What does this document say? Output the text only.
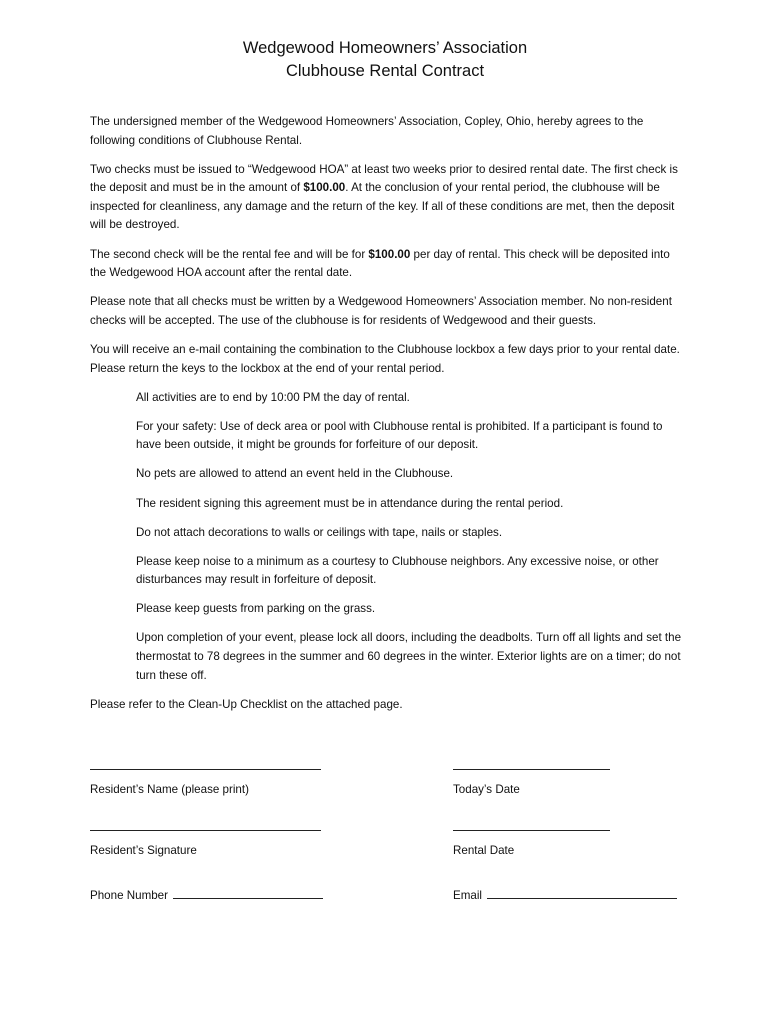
Wedgewood Homeowners’ Association
Clubhouse Rental Contract

The undersigned member of the Wedgewood Homeowners’ Association, Copley, Ohio, hereby agrees to the following conditions of Clubhouse Rental.

Two checks must be issued to “Wedgewood HOA” at least two weeks prior to desired rental date. The first check is the deposit and must be in the amount of $100.00. At the conclusion of your rental period, the clubhouse will be inspected for cleanliness, any damage and the return of the key. If all of these conditions are met, then the deposit will be destroyed.

The second check will be the rental fee and will be for $100.00 per day of rental. This check will be deposited into the Wedgewood HOA account after the rental date.

Please note that all checks must be written by a Wedgewood Homeowners’ Association member. No non-resident checks will be accepted. The use of the clubhouse is for residents of Wedgewood and their guests.

You will receive an e-mail containing the combination to the Clubhouse lockbox a few days prior to your rental date. Please return the keys to the lockbox at the end of your rental period.

All activities are to end by 10:00 PM the day of rental.

For your safety: Use of deck area or pool with Clubhouse rental is prohibited. If a participant is found to have been outside, it might be grounds for forfeiture of our deposit.

No pets are allowed to attend an event held in the Clubhouse.

The resident signing this agreement must be in attendance during the rental period.

Do not attach decorations to walls or ceilings with tape, nails or staples.

Please keep noise to a minimum as a courtesy to Clubhouse neighbors. Any excessive noise, or other disturbances may result in forfeiture of deposit.

Please keep guests from parking on the grass.

Upon completion of your event, please lock all doors, including the deadbolts. Turn off all lights and set the thermostat to 78 degrees in the summer and 60 degrees in the winter. Exterior lights are on a timer; do not turn these off.

Please refer to the Clean-Up Checklist on the attached page.

Resident’s Name (please print)	Today’s Date
Resident’s Signature	Rental Date
Phone Number	Email
